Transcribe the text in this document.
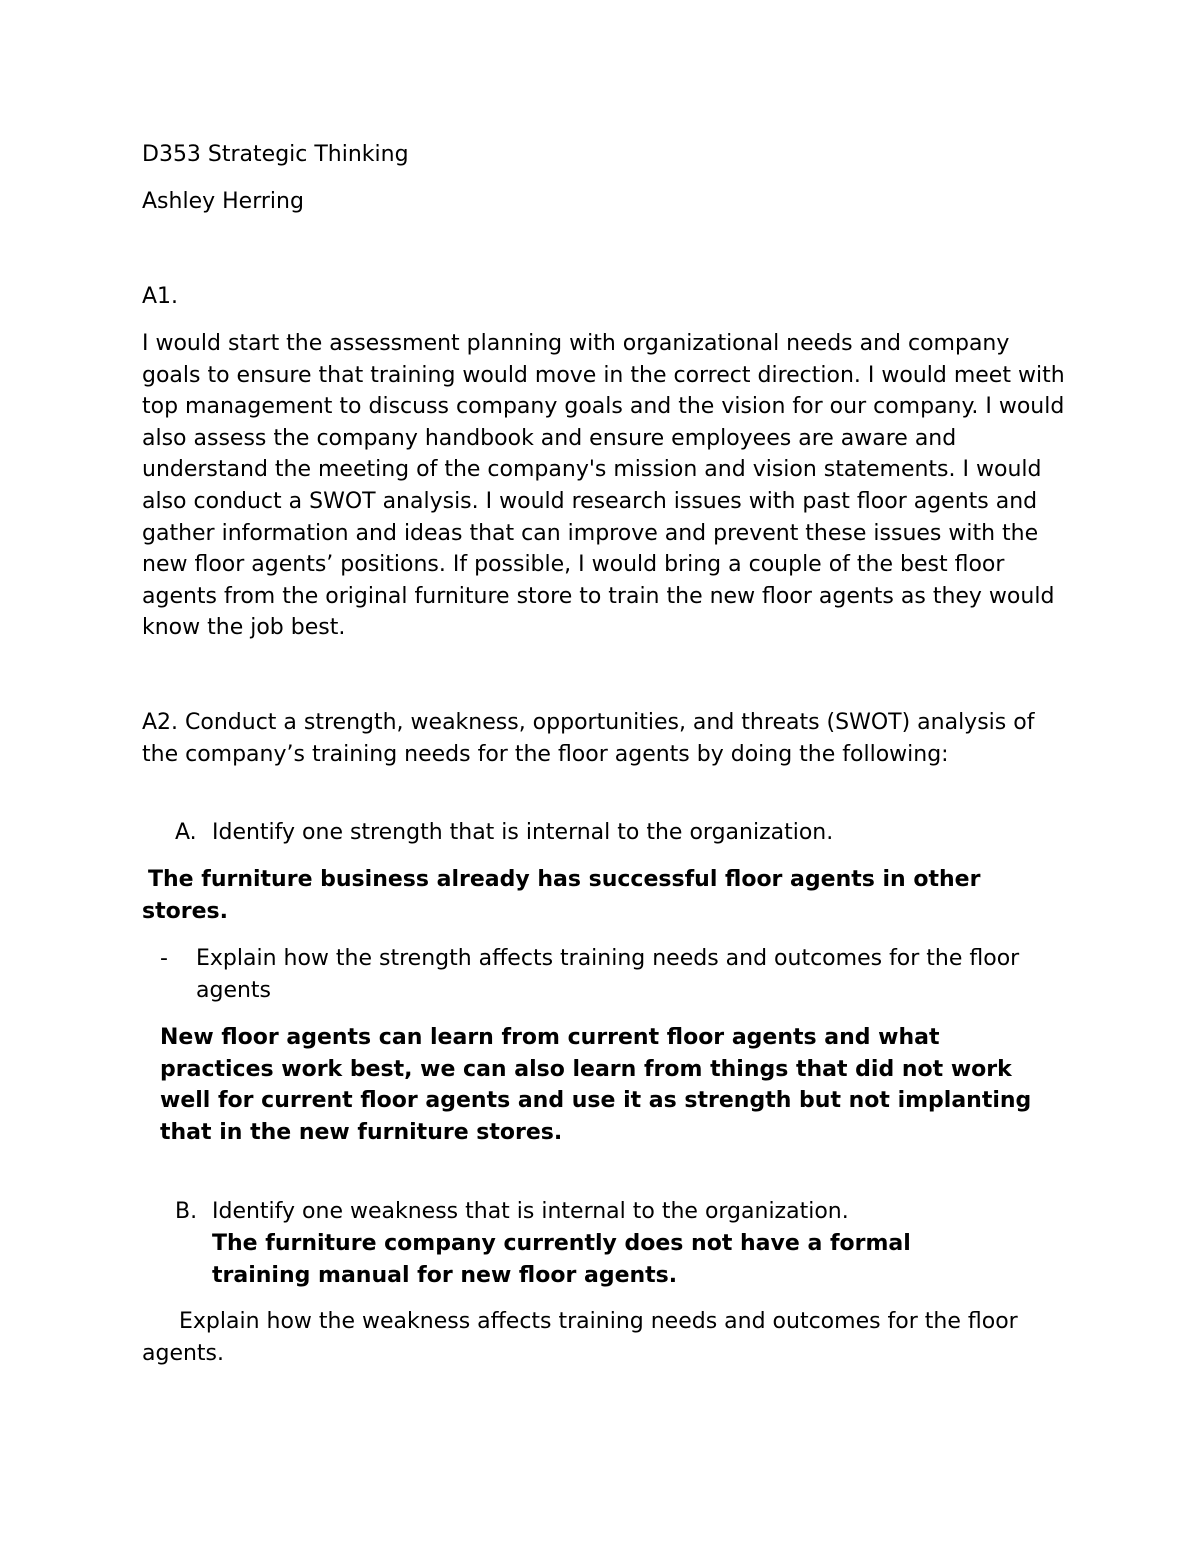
D353 Strategic Thinking

Ashley Herring

A1.

I would start the assessment planning with organizational needs and company goals to ensure that training would move in the correct direction. I would meet with top management to discuss company goals and the vision for our company. I would also assess the company handbook and ensure employees are aware and understand the meeting of the company's mission and vision statements. I would also conduct a SWOT analysis. I would research issues with past floor agents and gather information and ideas that can improve and prevent these issues with the new floor agents’ positions. If possible, I would bring a couple of the best floor agents from the original furniture store to train the new floor agents as they would know the job best.

A2. Conduct a strength, weakness, opportunities, and threats (SWOT) analysis of the company’s training needs for the floor agents by doing the following:

A. Identify one strength that is internal to the organization.

The furniture business already has successful floor agents in other stores.

- Explain how the strength affects training needs and outcomes for the floor agents

New floor agents can learn from current floor agents and what practices work best, we can also learn from things that did not work well for current floor agents and use it as strength but not implanting that in the new furniture stores.

B. Identify one weakness that is internal to the organization.

The furniture company currently does not have a formal training manual for new floor agents.

Explain how the weakness affects training needs and outcomes for the floor agents.
